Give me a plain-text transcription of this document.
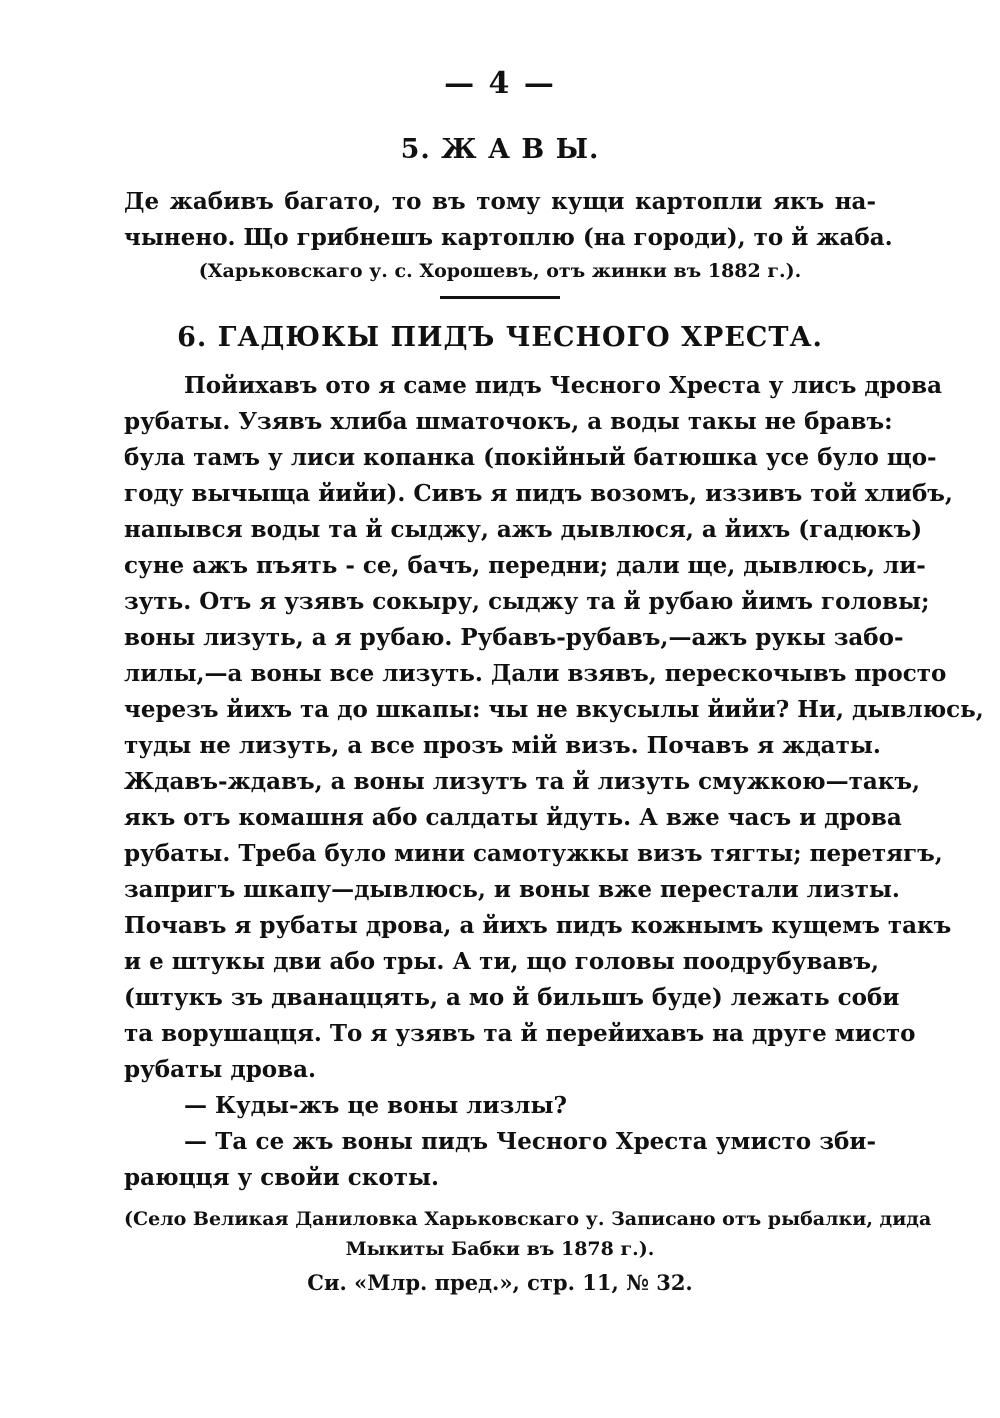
— 4 —
5. Ж А В Ы.
Де жабивъ багато, то въ тому кущи картопли якъ на-
чынено. Що грибнешъ картоплю (на городи), то й жаба.
(Харьковскаго у. с. Хорошевъ, отъ жинки въ 1882 г.).
6. ГАДЮКЫ ПИДЪ ЧЕСНОГО ХРЕСТА.
Пойихавъ ото я саме пидъ Чесного Хреста у лисъ дрова
рубаты. Узявъ хлиба шматочокъ, а воды такы не бравъ:
була тамъ у лиси копанка (покійный батюшка усе було що-
году вычыща йийи). Сивъ я пидъ возомъ, иззивъ той хлибъ,
напывся воды та й сыджу, ажъ дывлюся, а йихъ (гадюкъ)
суне ажъ пъять - се, бачъ, передни; дали ще, дывлюсь, ли-
зуть. Отъ я узявъ сокыру, сыджу та й рубаю йимъ головы;
воны лизуть, а я рубаю. Рубавъ-рубавъ,—ажъ рукы забо-
лилы,—а воны все лизуть. Дали взявъ, перескочывъ просто
черезъ йихъ та до шкапы: чы не вкусылы йийи? Ни, дывлюсь,
туды не лизуть, а все прозъ мій визъ. Почавъ я ждаты.
Ждавъ-ждавъ, а воны лизутъ та й лизуть смужкою—такъ,
якъ отъ комашня або салдаты йдуть. А вже часъ и дрова
рубаты. Треба було мини самотужкы визъ тягты; перетягъ,
запригъ шкапу—дывлюсь, и воны вже перестали лизты.
Почавъ я рубаты дрова, а йихъ пидъ кожнымъ кущемъ такъ
и е штукы дви або тры. А ти, що головы поодрубувавъ,
(штукъ зъ дванаццять, а мо й бильшъ буде) лежать соби
та ворушацця. То я узявъ та й перейихавъ на друге мисто
рубаты дрова.
— Куды-жъ це воны лизлы?
— Та се жъ воны пидъ Чесного Хреста умисто зби-
раюцця у свойи скоты.
(Село Великая Даниловка Харьковскаго у. Записано отъ рыбалки, дида
Мыкиты Бабки въ 1878 г.).
Си. «Млр. пред.», стр. 11, № 32.
